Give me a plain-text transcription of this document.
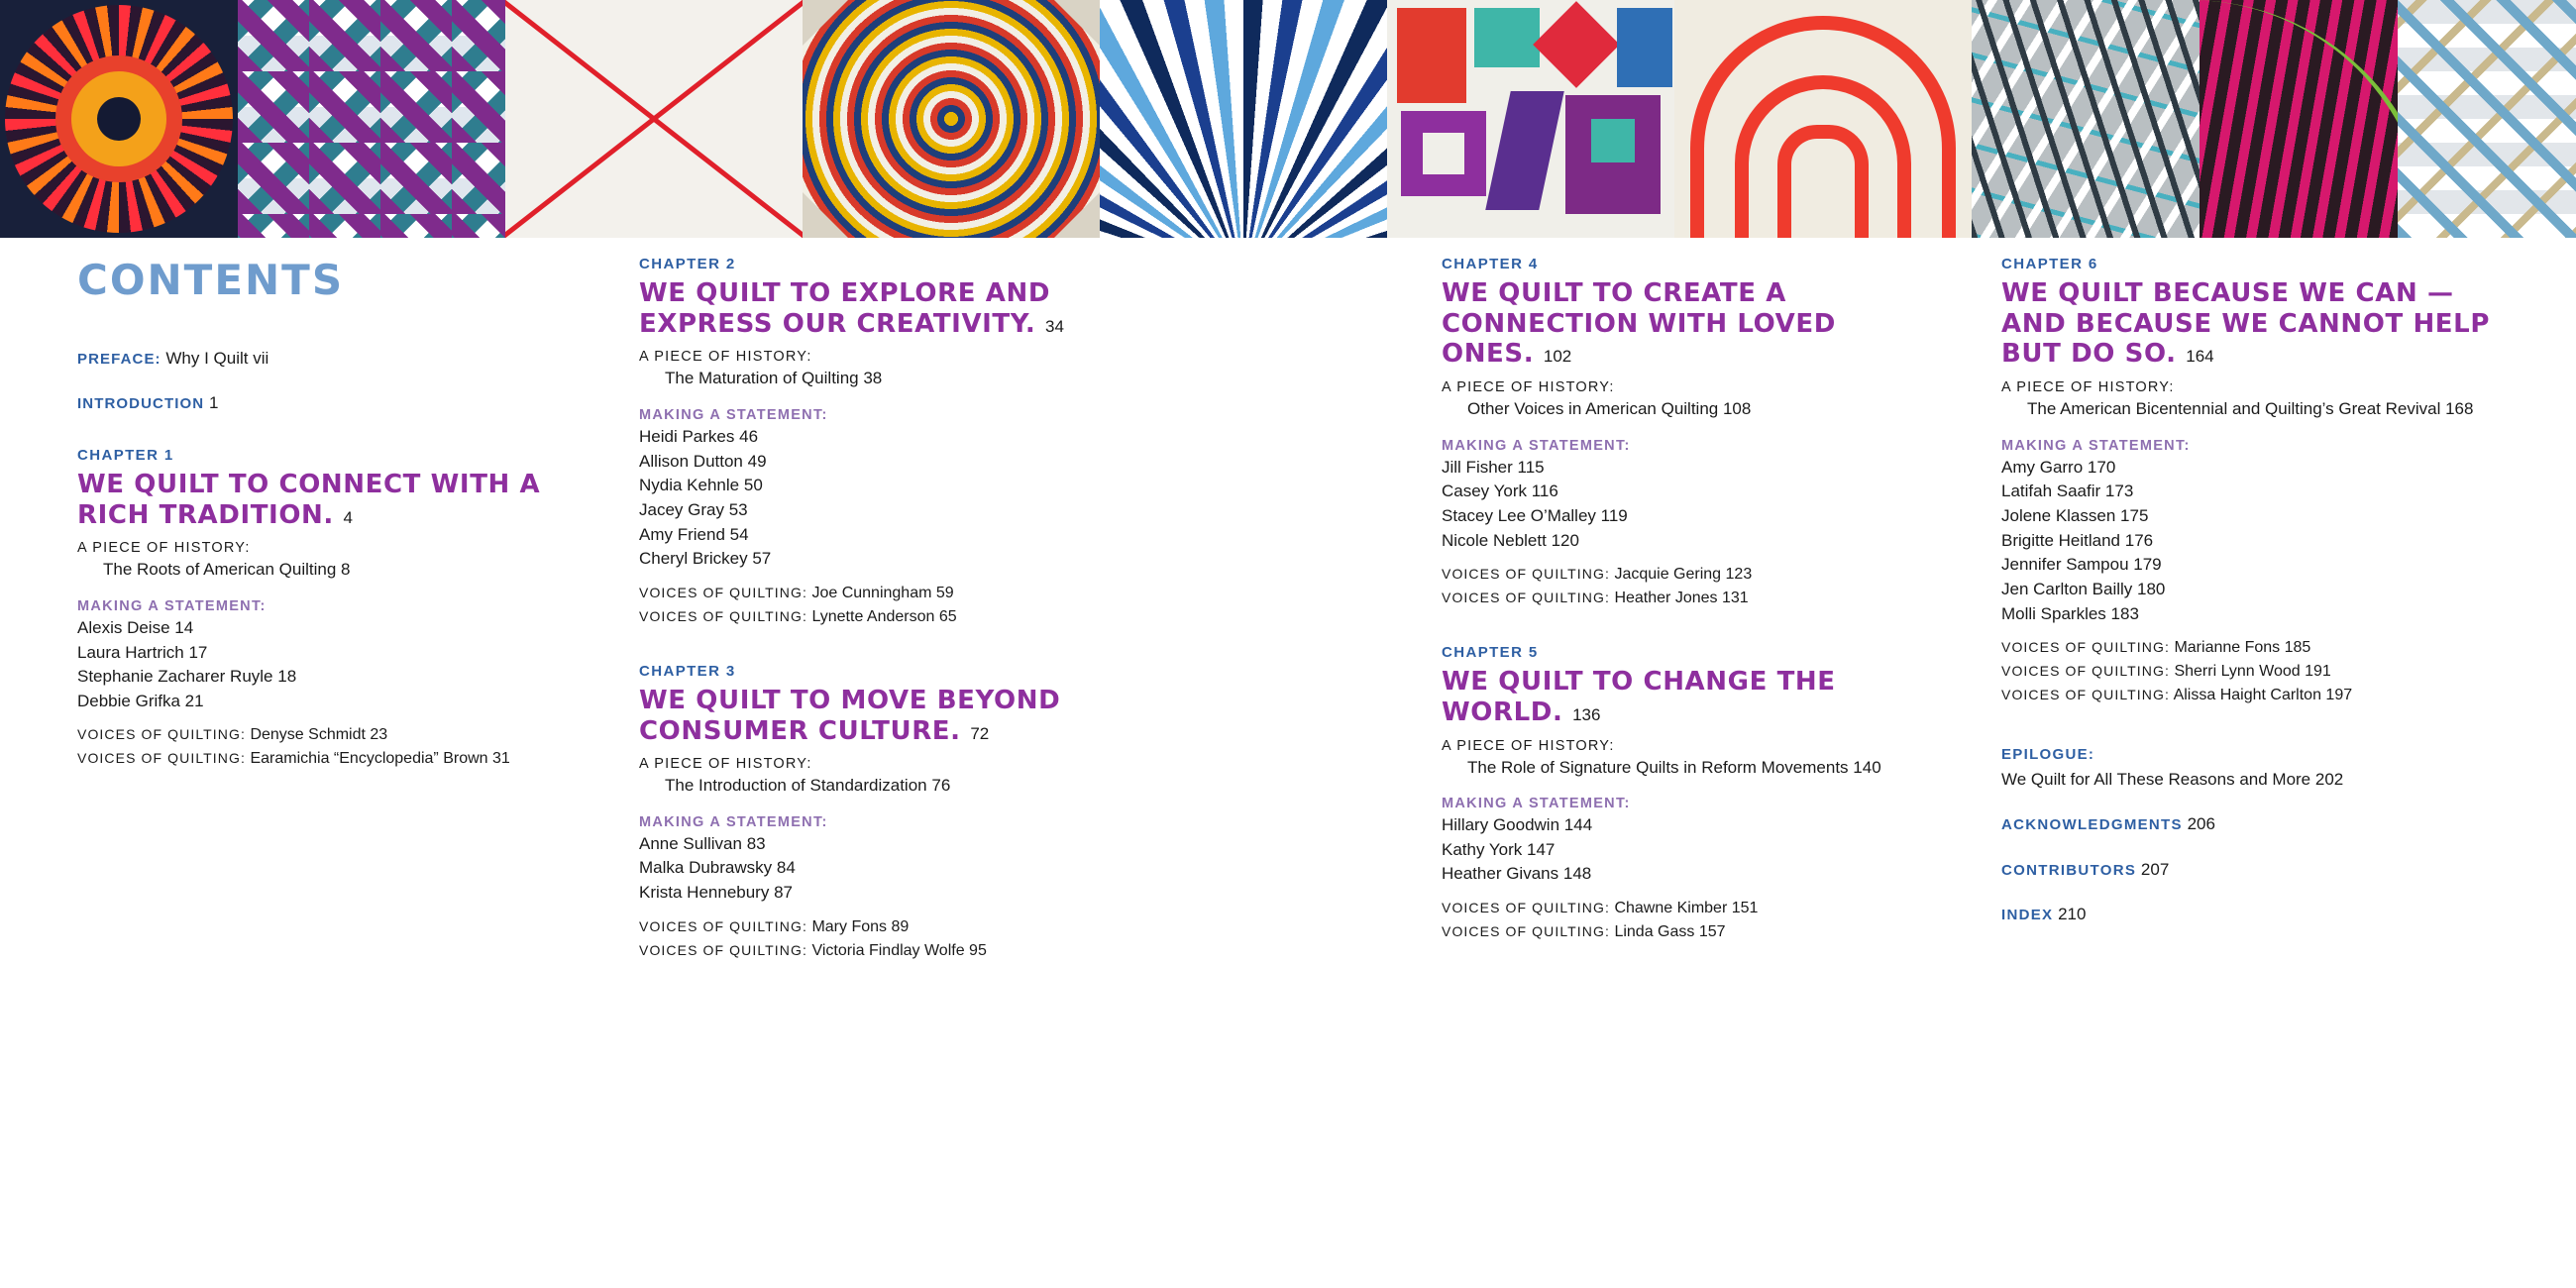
CONTENTS
PREFACE: Why I Quilt vii
INTRODUCTION 1
CHAPTER 1
WE QUILT TO CONNECT WITH A RICH TRADITION. 4
A PIECE OF HISTORY:
The Roots of American Quilting 8
MAKING A STATEMENT:
Alexis Deise 14
Laura Hartrich 17
Stephanie Zacharer Ruyle 18
Debbie Grifka 21
VOICES OF QUILTING: Denyse Schmidt 23
VOICES OF QUILTING: Earamichia “Encyclopedia” Brown 31
CHAPTER 2
WE QUILT TO EXPLORE AND EXPRESS OUR CREATIVITY. 34
A PIECE OF HISTORY:
The Maturation of Quilting 38
MAKING A STATEMENT:
Heidi Parkes 46
Allison Dutton 49
Nydia Kehnle 50
Jacey Gray 53
Amy Friend 54
Cheryl Brickey 57
VOICES OF QUILTING: Joe Cunningham 59
VOICES OF QUILTING: Lynette Anderson 65
CHAPTER 3
WE QUILT TO MOVE BEYOND CONSUMER CULTURE. 72
A PIECE OF HISTORY:
The Introduction of Standardization 76
MAKING A STATEMENT:
Anne Sullivan 83
Malka Dubrawsky 84
Krista Hennebury 87
VOICES OF QUILTING: Mary Fons 89
VOICES OF QUILTING: Victoria Findlay Wolfe 95
CHAPTER 4
WE QUILT TO CREATE A CONNECTION WITH LOVED ONES. 102
A PIECE OF HISTORY:
Other Voices in American Quilting 108
MAKING A STATEMENT:
Jill Fisher 115
Casey York 116
Stacey Lee O’Malley 119
Nicole Neblett 120
VOICES OF QUILTING: Jacquie Gering 123
VOICES OF QUILTING: Heather Jones 131
CHAPTER 5
WE QUILT TO CHANGE THE WORLD. 136
A PIECE OF HISTORY:
The Role of Signature Quilts in Reform Movements 140
MAKING A STATEMENT:
Hillary Goodwin 144
Kathy York 147
Heather Givans 148
VOICES OF QUILTING: Chawne Kimber 151
VOICES OF QUILTING: Linda Gass 157
CHAPTER 6
WE QUILT BECAUSE WE CAN — AND BECAUSE WE CANNOT HELP BUT DO SO. 164
A PIECE OF HISTORY:
The American Bicentennial and Quilting’s Great Revival 168
MAKING A STATEMENT:
Amy Garro 170
Latifah Saafir 173
Jolene Klassen 175
Brigitte Heitland 176
Jennifer Sampou 179
Jen Carlton Bailly 180
Molli Sparkles 183
VOICES OF QUILTING: Marianne Fons 185
VOICES OF QUILTING: Sherri Lynn Wood 191
VOICES OF QUILTING: Alissa Haight Carlton 197
EPILOGUE:
We Quilt for All These Reasons and More 202
ACKNOWLEDGMENTS 206
CONTRIBUTORS 207
INDEX 210
